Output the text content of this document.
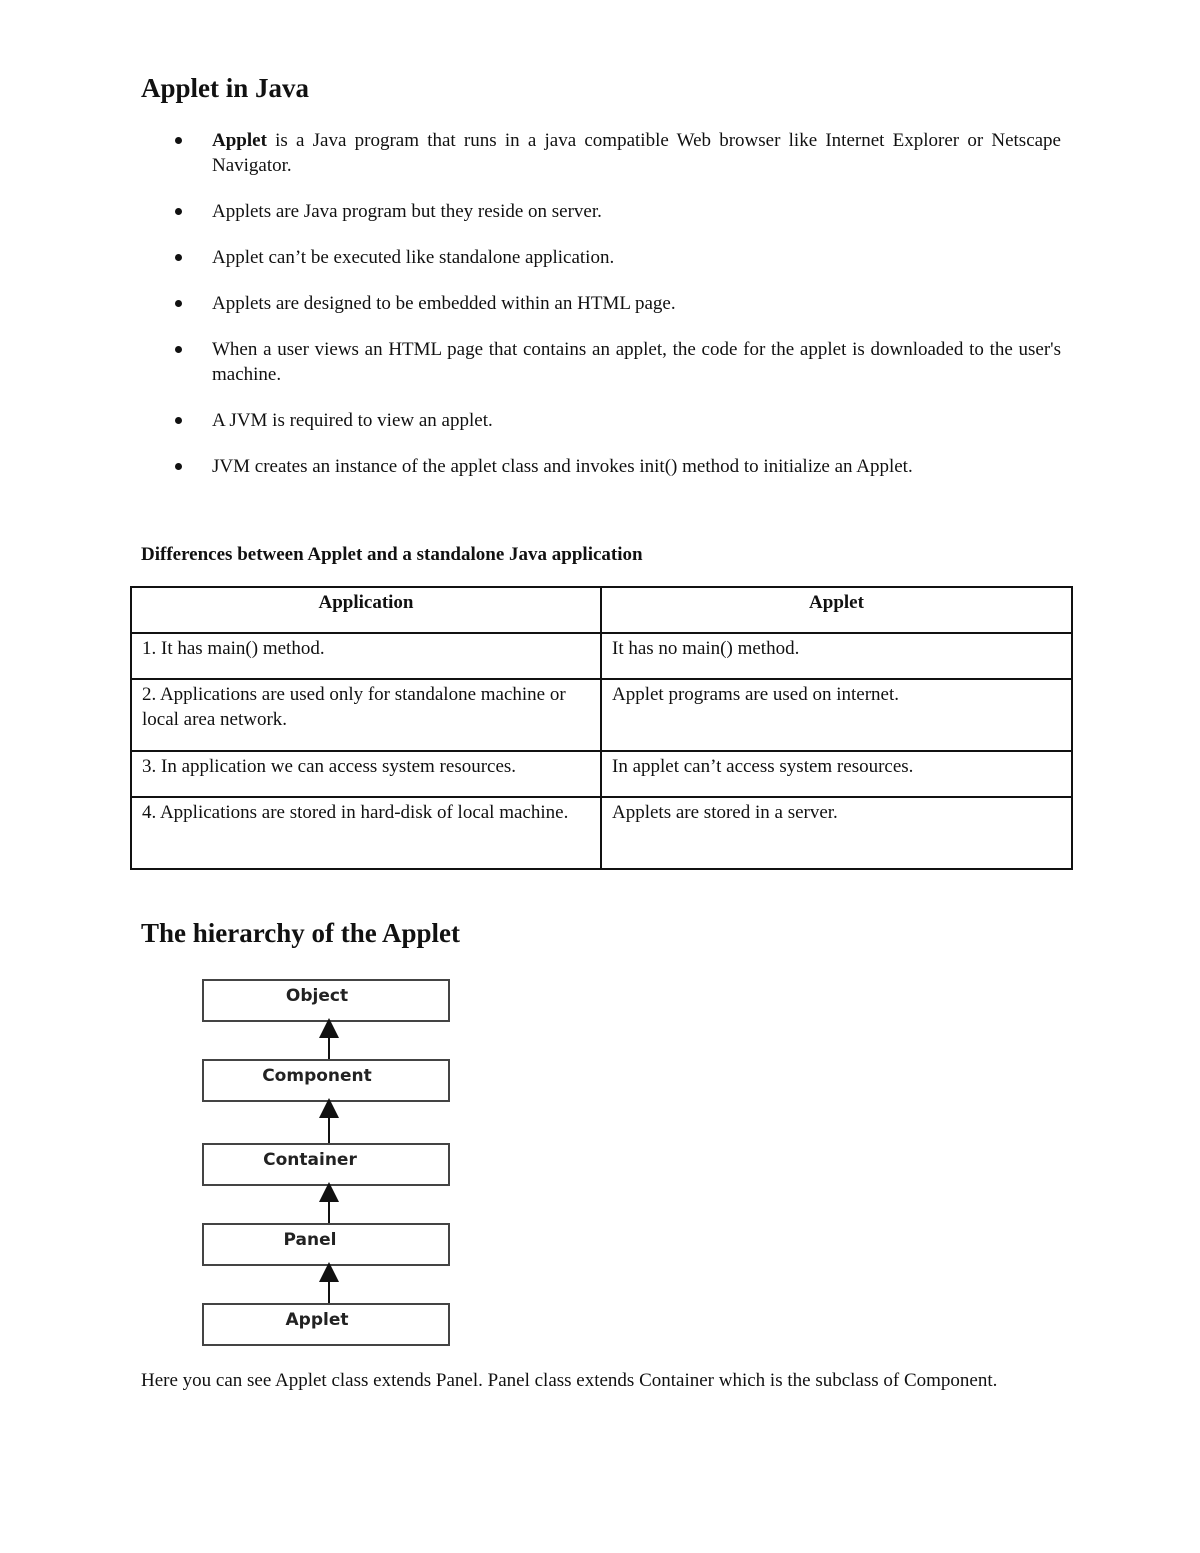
Applet in Java
Applet is a Java program that runs in a java compatible Web browser like Internet Explorer or Netscape Navigator.
Applets are Java program but they reside on server.
Applet can’t be executed like standalone application.
Applets are designed to be embedded within an HTML page.
When a user views an HTML page that contains an applet, the code for the applet is downloaded to the user's machine.
A JVM is required to view an applet.
JVM creates an instance of the applet class and invokes init() method to initialize an Applet.
Differences between Applet and a standalone Java application
Application	Applet
1. It has main() method.	It has no main() method.
2. Applications are used only for standalone machine or local area network.	Applet programs are used on internet.
3. In application we can access system resources.	In applet can’t access system resources.
4. Applications are stored in hard-disk of local machine.	Applets are stored in a server.
The hierarchy of the Applet
Object
Component
Container
Panel
Applet

Here you can see Applet class extends Panel. Panel class extends Container which is the subclass of Component.
